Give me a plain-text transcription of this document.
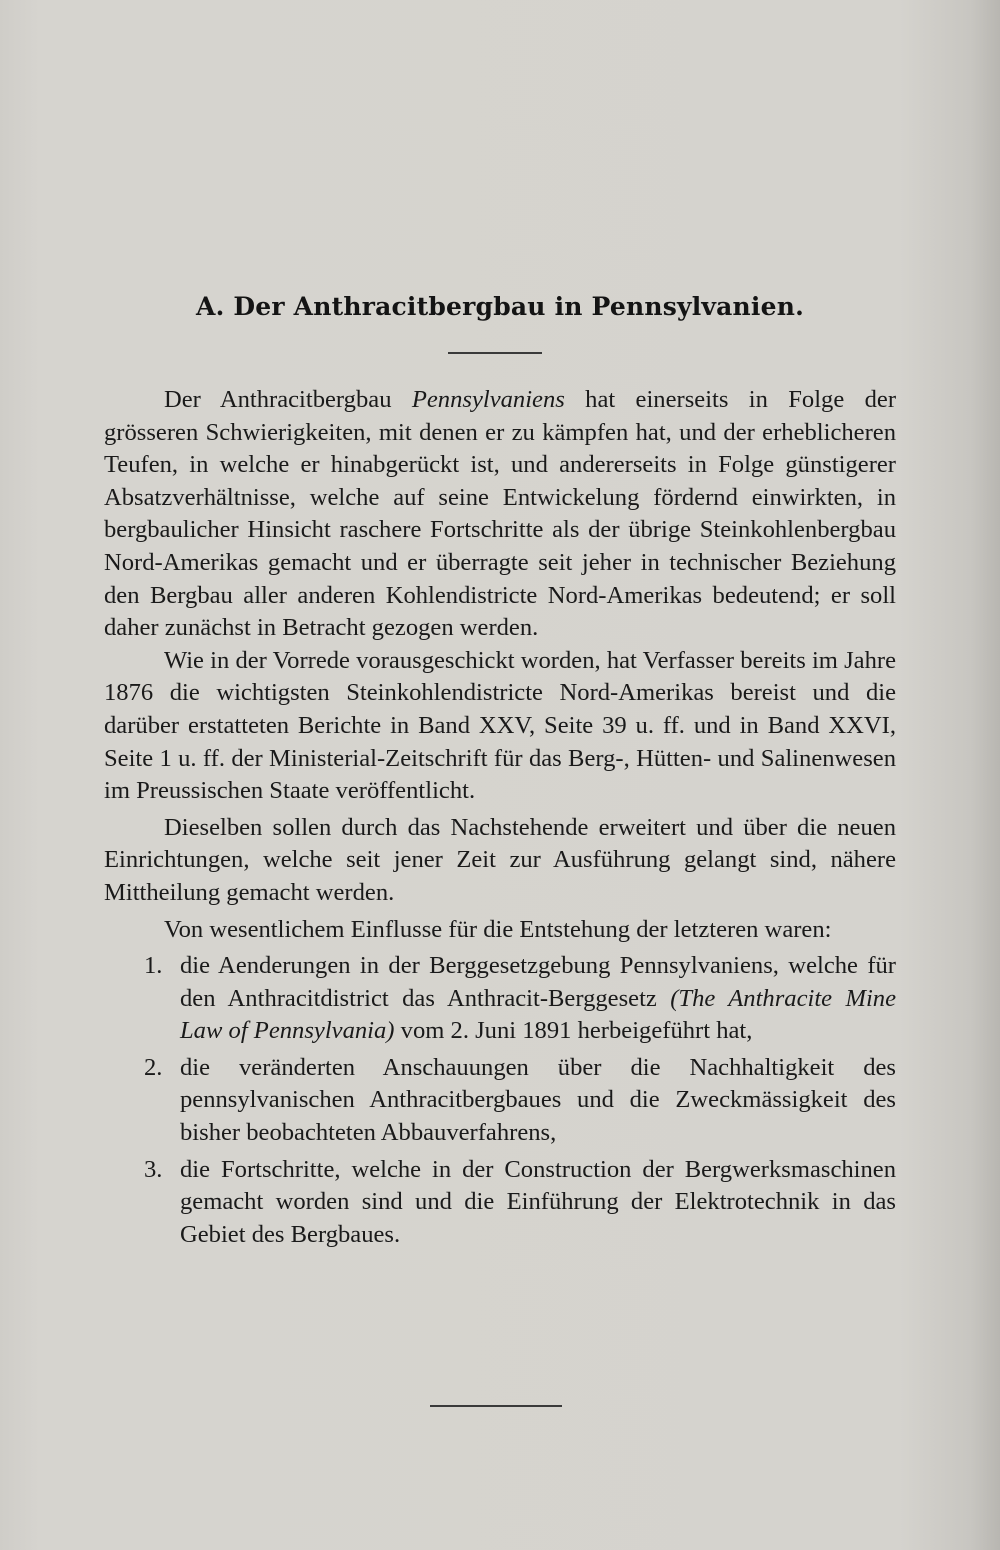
A. Der Anthracitbergbau in Pennsylvanien.

Der Anthracitbergbau Pennsylvaniens hat einerseits in Folge der grösseren Schwierigkeiten, mit denen er zu kämpfen hat, und der erheblicheren Teufen, in welche er hinabgerückt ist, und andererseits in Folge günstigerer Absatzverhältnisse, welche auf seine Entwickelung fördernd einwirkten, in bergbaulicher Hinsicht raschere Fortschritte als der übrige Steinkohlenbergbau Nord-Amerikas gemacht und er überragte seit jeher in technischer Beziehung den Bergbau aller anderen Kohlendistricte Nord-Amerikas bedeutend; er soll daher zunächst in Betracht gezogen werden.

Wie in der Vorrede vorausgeschickt worden, hat Verfasser bereits im Jahre 1876 die wichtigsten Steinkohlendistricte Nord-Amerikas bereist und die darüber erstatteten Berichte in Band XXV, Seite 39 u. ff. und in Band XXVI, Seite 1 u. ff. der Ministerial-Zeitschrift für das Berg-, Hütten- und Salinenwesen im Preussischen Staate veröffentlicht.

Dieselben sollen durch das Nachstehende erweitert und über die neuen Einrichtungen, welche seit jener Zeit zur Ausführung gelangt sind, nähere Mittheilung gemacht werden.

Von wesentlichem Einflusse für die Entstehung der letzteren waren:

1. die Aenderungen in der Berggesetzgebung Pennsylvaniens, welche für den Anthracitdistrict das Anthracit-Berggesetz (The Anthracite Mine Law of Pennsylvania) vom 2. Juni 1891 herbeigeführt hat,
2. die veränderten Anschauungen über die Nachhaltigkeit des pennsylvanischen Anthracitbergbaues und die Zweckmässigkeit des bisher beobachteten Abbauverfahrens,
3. die Fortschritte, welche in der Construction der Bergwerksmaschinen gemacht worden sind und die Einführung der Elektrotechnik in das Gebiet des Bergbaues.
